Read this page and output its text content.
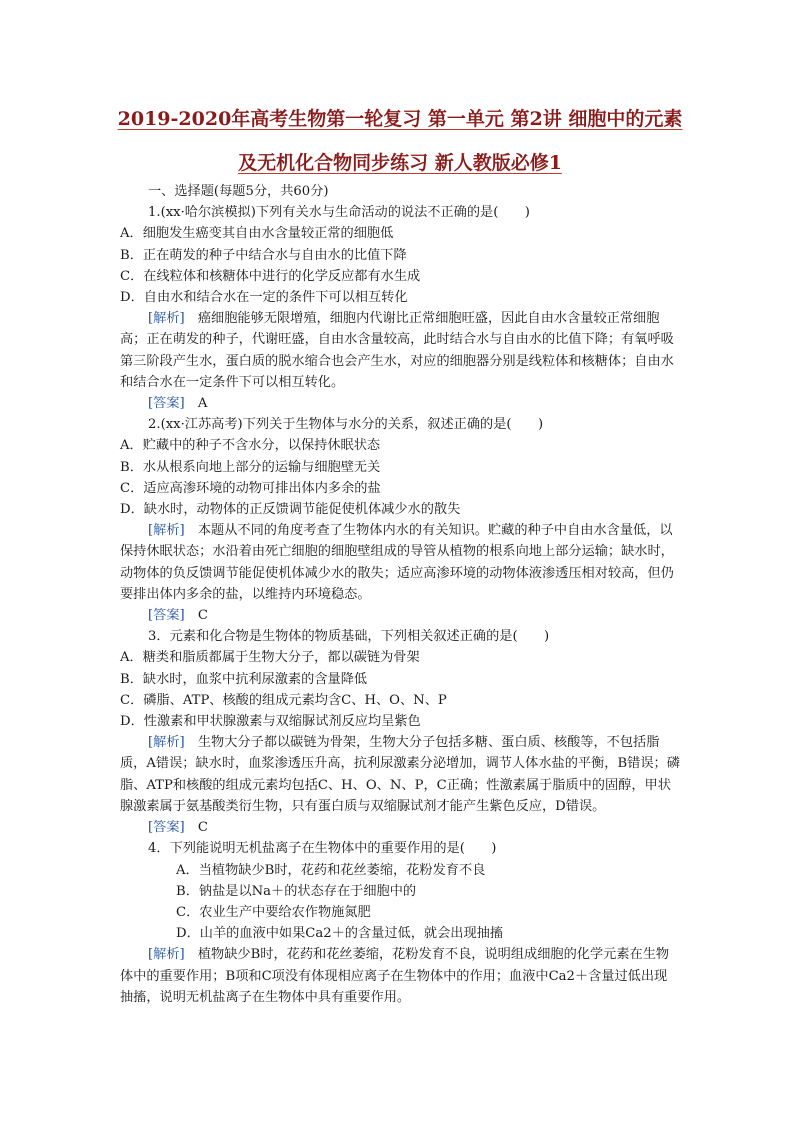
2019-2020年高考生物第一轮复习 第一单元 第2讲 细胞中的元素
及无机化合物同步练习 新人教版必修1

一、选择题(每题5分，共60分)

1.(xx·哈尔滨模拟)下列有关水与生命活动的说法不正确的是(　　)

A．细胞发生癌变其自由水含量较正常的细胞低

B．正在萌发的种子中结合水与自由水的比值下降

C．在线粒体和核糖体中进行的化学反应都有水生成

D．自由水和结合水在一定的条件下可以相互转化

[解析]　癌细胞能够无限增殖，细胞内代谢比正常细胞旺盛，因此自由水含量较正常细胞高；正在萌发的种子，代谢旺盛，自由水含量较高，此时结合水与自由水的比值下降；有氧呼吸第三阶段产生水，蛋白质的脱水缩合也会产生水，对应的细胞器分别是线粒体和核糖体；自由水和结合水在一定条件下可以相互转化。

[答案]　A

2.(xx·江苏高考)下列关于生物体与水分的关系，叙述正确的是(　　)

A．贮藏中的种子不含水分，以保持休眠状态

B．水从根系向地上部分的运输与细胞壁无关

C．适应高渗环境的动物可排出体内多余的盐

D．缺水时，动物体的正反馈调节能促使机体减少水的散失

[解析]　本题从不同的角度考查了生物体内水的有关知识。贮藏的种子中自由水含量低，以保持休眠状态；水沿着由死亡细胞的细胞壁组成的导管从植物的根系向地上部分运输；缺水时，动物体的负反馈调节能促使机体减少水的散失；适应高渗环境的动物体液渗透压相对较高，但仍要排出体内多余的盐，以维持内环境稳态。

[答案]　C

3．元素和化合物是生物体的物质基础，下列相关叙述正确的是(　　)

A．糖类和脂质都属于生物大分子，都以碳链为骨架

B．缺水时，血浆中抗利尿激素的含量降低

C．磷脂、ATP、核酸的组成元素均含C、H、O、N、P

D．性激素和甲状腺激素与双缩脲试剂反应均呈紫色

[解析]　生物大分子都以碳链为骨架，生物大分子包括多糖、蛋白质、核酸等，不包括脂质，A错误；缺水时，血浆渗透压升高，抗利尿激素分泌增加，调节人体水盐的平衡，B错误；磷脂、ATP和核酸的组成元素均包括C、H、O、N、P，C正确；性激素属于脂质中的固醇，甲状腺激素属于氨基酸类衍生物，只有蛋白质与双缩脲试剂才能产生紫色反应，D错误。

[答案]　C

4．下列能说明无机盐离子在生物体中的重要作用的是(　　)

A．当植物缺少B时，花药和花丝萎缩，花粉发育不良

B．钠盐是以Na＋的状态存在于细胞中的

C．农业生产中要给农作物施氮肥

D．山羊的血液中如果Ca2＋的含量过低，就会出现抽搐

[解析]　植物缺少B时，花药和花丝萎缩，花粉发育不良，说明组成细胞的化学元素在生物体中的重要作用；B项和C项没有体现相应离子在生物体中的作用；血液中Ca2＋含量过低出现抽搐，说明无机盐离子在生物体中具有重要作用。
